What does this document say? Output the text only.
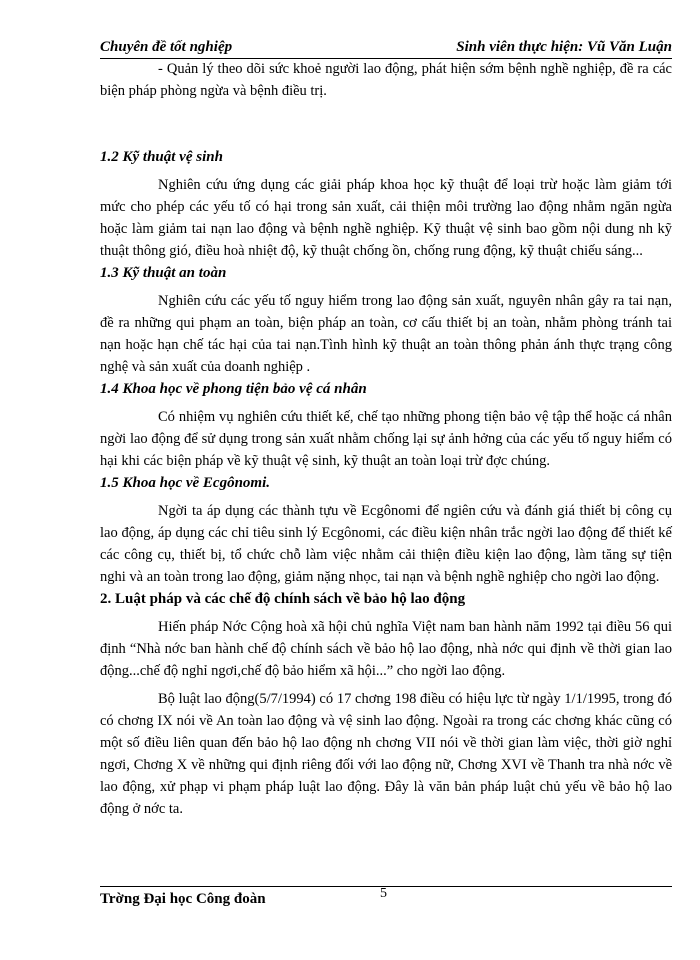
Chuyên đề tốt nghiệp	Sinh viên thực hiện: Vũ Văn Luận

- Quản lý theo dõi sức khoẻ người lao động, phát hiện sớm bệnh nghề nghiệp, đề ra các biện pháp phòng ngừa và bệnh điều trị.

1.2 Kỹ thuật vệ sinh

Nghiên cứu ứng dụng các giải pháp khoa học kỹ thuật để loại trừ hoặc làm giảm tới mức cho phép các yếu tố có hại trong sản xuất, cải thiện môi trường lao động nhằm ngăn ngừa hoặc làm giảm tai nạn lao động và bệnh nghề nghiệp. Kỹ thuật vệ sinh bao gồm nội dung nh kỹ thuật thông gió, điều hoà nhiệt độ, kỹ thuật chống ồn, chống rung động, kỹ thuật chiếu sáng...

1.3 Kỹ thuật an toàn

Nghiên cứu các yếu tố nguy hiểm trong lao động sản xuất, nguyên nhân gây ra tai nạn, đề ra những qui phạm an toàn, biện pháp an toàn, cơ cấu thiết bị an toàn, nhằm phòng tránh tai nạn hoặc hạn chế tác hại của tai nạn.Tình hình kỹ thuật an toàn thông phản ánh thực trạng công nghệ và sản xuất của doanh nghiệp .

1.4 Khoa học về phong tiện bảo vệ cá nhân

Có nhiệm vụ nghiên cứu thiết kế, chế tạo những phong tiện bảo vệ tập thể hoặc cá nhân ngời lao động để sử dụng trong sản xuất nhằm chống lại sự ảnh hởng của các yếu tố nguy hiểm có hại khi các biện pháp về kỹ thuật vệ sinh, kỹ thuật an toàn loại trừ đợc chúng.

1.5 Khoa học về Ecgônomi.

Ngời ta áp dụng các thành tựu về Ecgônomi để ngiên cứu và đánh giá thiết bị công cụ lao động, áp dụng các chỉ tiêu sinh lý Ecgônomi, các điều kiện nhân trắc ngời lao động để thiết kế các công cụ, thiết bị, tổ chức chỗ làm việc nhằm cải thiện điều kiện lao động, làm tăng sự tiện nghi và an toàn trong lao động, giảm nặng nhọc, tai nạn và bệnh nghề nghiệp cho ngời lao động.

2. Luật pháp và các chế độ chính sách về bảo hộ lao động

Hiến pháp Nớc Cộng hoà xã hội chủ nghĩa Việt nam ban hành năm 1992 tại điều 56 qui định “Nhà nớc ban hành chế độ chính sách về bảo hộ lao động, nhà nớc qui định về thời gian lao động...chế độ nghỉ ngơi,chế độ bảo hiểm xã hội...” cho ngời lao động.

Bộ luật lao động(5/7/1994) có 17 chơng 198 điều có hiệu lực từ ngày 1/1/1995, trong đó có chơng IX nói về An toàn lao động và vệ sinh lao động. Ngoài ra trong các chơng khác cũng có một số điều liên quan đến bảo hộ lao động nh chơng VII nói về thời gian làm việc, thời giờ nghỉ ngơi, Chơng X về những qui định riêng đối với lao động nữ, Chơng XVI về Thanh tra nhà nớc về lao động, xử phạp vi phạm pháp luật lao động. Đây là văn bản pháp luật chủ yếu về bảo hộ lao động ở nớc ta.

Trờng Đại học Công đoàn	5
